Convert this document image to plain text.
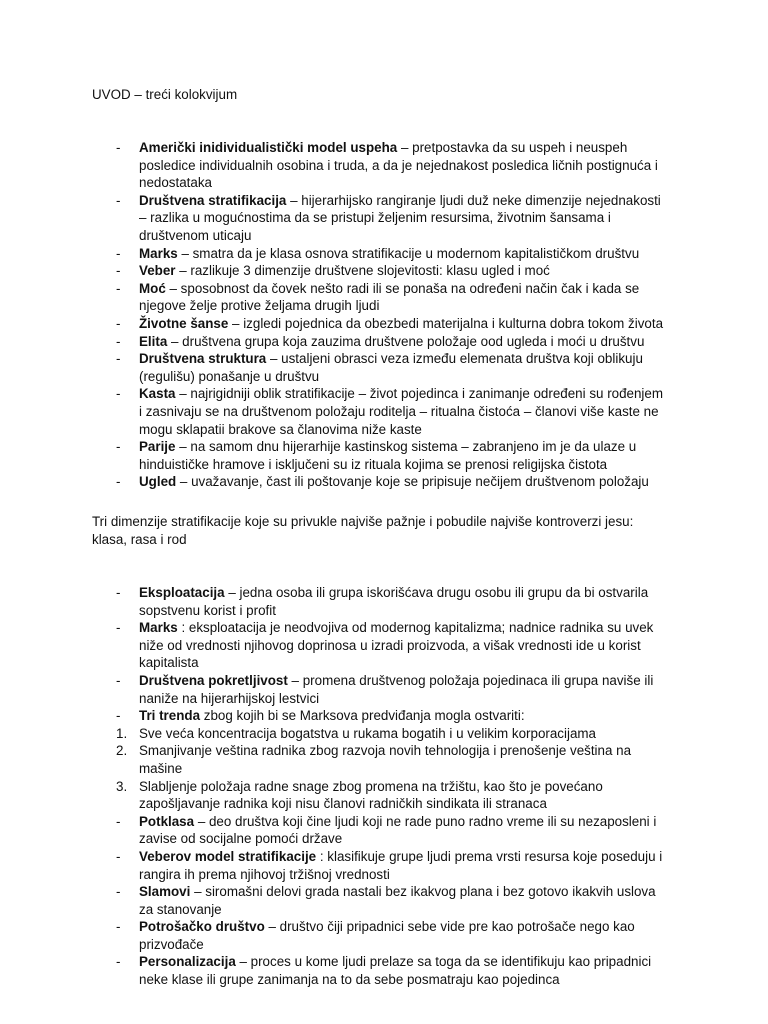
UVOD – treći kolokvijum
- Američki inidividualistički model uspeha – pretpostavka da su uspeh i neuspeh posledice individualnih osobina i truda, a da je nejednakost posledica ličnih postignuća i nedostataka
- Društvena stratifikacija – hijerarhijsko rangiranje ljudi duž neke dimenzije nejednakosti – razlika u mogućnostima da se pristupi željenim resursima, životnim šansama i društvenom uticaju
- Marks – smatra da je klasa osnova stratifikacije u modernom kapitalističkom društvu
- Veber – razlikuje 3 dimenzije društvene slojevitosti: klasu ugled i moć
- Moć – sposobnost da čovek nešto radi ili se ponaša na određeni način čak i kada se njegove želje protive željama drugih ljudi
- Životne šanse – izgledi pojednica da obezbedi materijalna i kulturna dobra tokom života
- Elita – društvena grupa koja zauzima društvene položaje ood ugleda i moći u društvu
- Društvena struktura – ustaljeni obrasci veza između elemenata društva koji oblikuju (regulišu) ponašanje u društvu
- Kasta – najrigidniji oblik stratifikacije – život pojedinca i zanimanje određeni su rođenjem i zasnivaju se na društvenom položaju roditelja – ritualna čistoća – članovi više kaste ne mogu sklapatii brakove sa članovima niže kaste
- Parije – na samom dnu hijerarhije kastinskog sistema – zabranjeno im je da ulaze u hinduističke hramove i isključeni su iz rituala kojima se prenosi religijska čistota
- Ugled – uvažavanje, čast ili poštovanje koje se pripisuje nečijem društvenom položaju
Tri dimenzije stratifikacije koje su privukle najviše pažnje i pobudile najviše kontroverzi jesu: klasa, rasa i rod
- Eksploatacija – jedna osoba ili grupa iskorišćava drugu osobu ili grupu da bi ostvarila sopstvenu korist i profit
- Marks : eksploatacija je neodvojiva od modernog kapitalizma; nadnice radnika su uvek niže od vrednosti njihovog doprinosa u izradi proizvoda, a višak vrednosti ide u korist kapitalista
- Društvena pokretljivost – promena društvenog položaja pojedinaca ili grupa naviše ili naniže na hijerarhijskoj lestvici
- Tri trenda zbog kojih bi se Marksova predviđanja mogla ostvariti:
1. Sve veća koncentracija bogatstva u rukama bogatih i u velikim korporacijama
2. Smanjivanje veština radnika zbog razvoja novih tehnologija i prenošenje veština na mašine
3. Slabljenje položaja radne snage zbog promena na tržištu, kao što je povećano zapošljavanje radnika koji nisu članovi radničkih sindikata ili stranaca
- Potklasa – deo društva koji čine ljudi koji ne rade puno radno vreme ili su nezaposleni i zavise od socijalne pomoći države
- Veberov model stratifikacije : klasifikuje grupe ljudi prema vrsti resursa koje poseduju i rangira ih prema njihovoj tržišnoj vrednosti
- Slamovi – siromašni delovi grada nastali bez ikakvog plana i bez gotovo ikakvih uslova za stanovanje
- Potrošačko društvo – društvo čiji pripadnici sebe vide pre kao potrošače nego kao prizvođače
- Personalizacija – proces u kome ljudi prelaze sa toga da se identifikuju kao pripadnici neke klase ili grupe zanimanja na to da sebe posmatraju kao pojedinca
